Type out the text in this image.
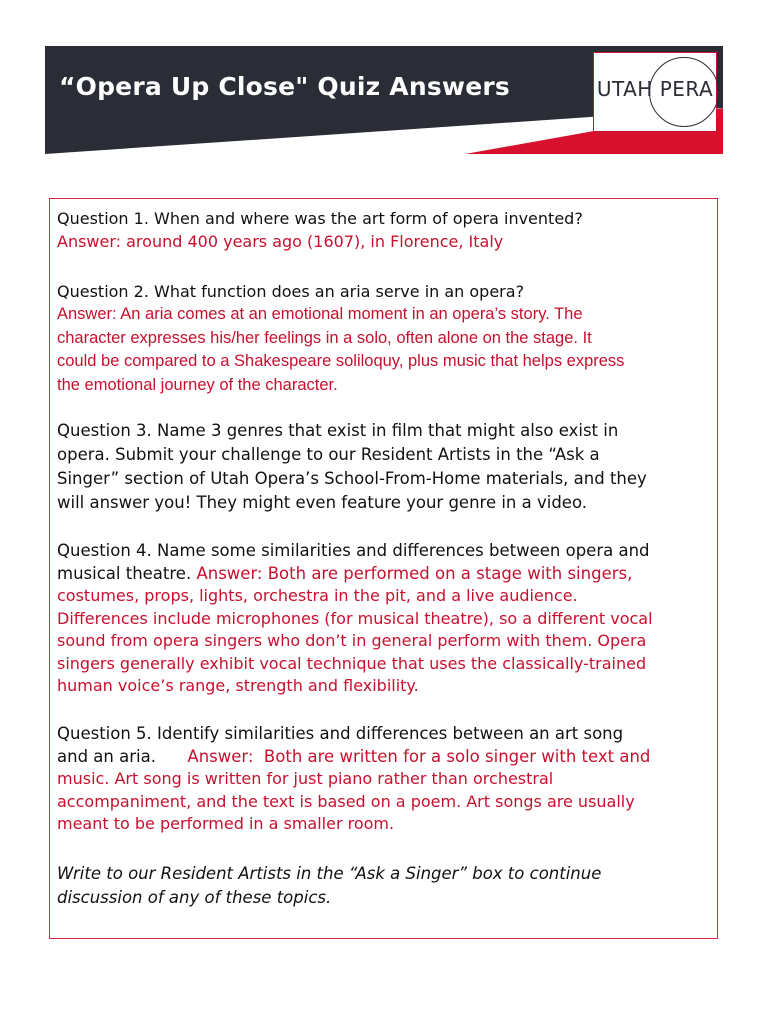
“Opera Up Close" Quiz Answers	UTAH PERA
Question 1. When and where was the art form of opera invented?
Answer: around 400 years ago (1607), in Florence, Italy
Question 2. What function does an aria serve in an opera?
Answer: An aria comes at an emotional moment in an opera’s story. The
character expresses his/her feelings in a solo, often alone on the stage. It
could be compared to a Shakespeare soliloquy, plus music that helps express
the emotional journey of the character.
Question 3. Name 3 genres that exist in film that might also exist in
opera. Submit your challenge to our Resident Artists in the “Ask a
Singer” section of Utah Opera’s School-From-Home materials, and they
will answer you! They might even feature your genre in a video.
Question 4. Name some similarities and differences between opera and
musical theatre. Answer: Both are performed on a stage with singers,
costumes, props, lights, orchestra in the pit, and a live audience.
Differences include microphones (for musical theatre), so a different vocal
sound from opera singers who don’t in general perform with them. Opera
singers generally exhibit vocal technique that uses the classically-trained
human voice’s range, strength and flexibility.
Question 5. Identify similarities and differences between an art song
and an aria.      Answer:  Both are written for a solo singer with text and
music. Art song is written for just piano rather than orchestral
accompaniment, and the text is based on a poem. Art songs are usually
meant to be performed in a smaller room.
Write to our Resident Artists in the “Ask a Singer” box to continue
discussion of any of these topics.
